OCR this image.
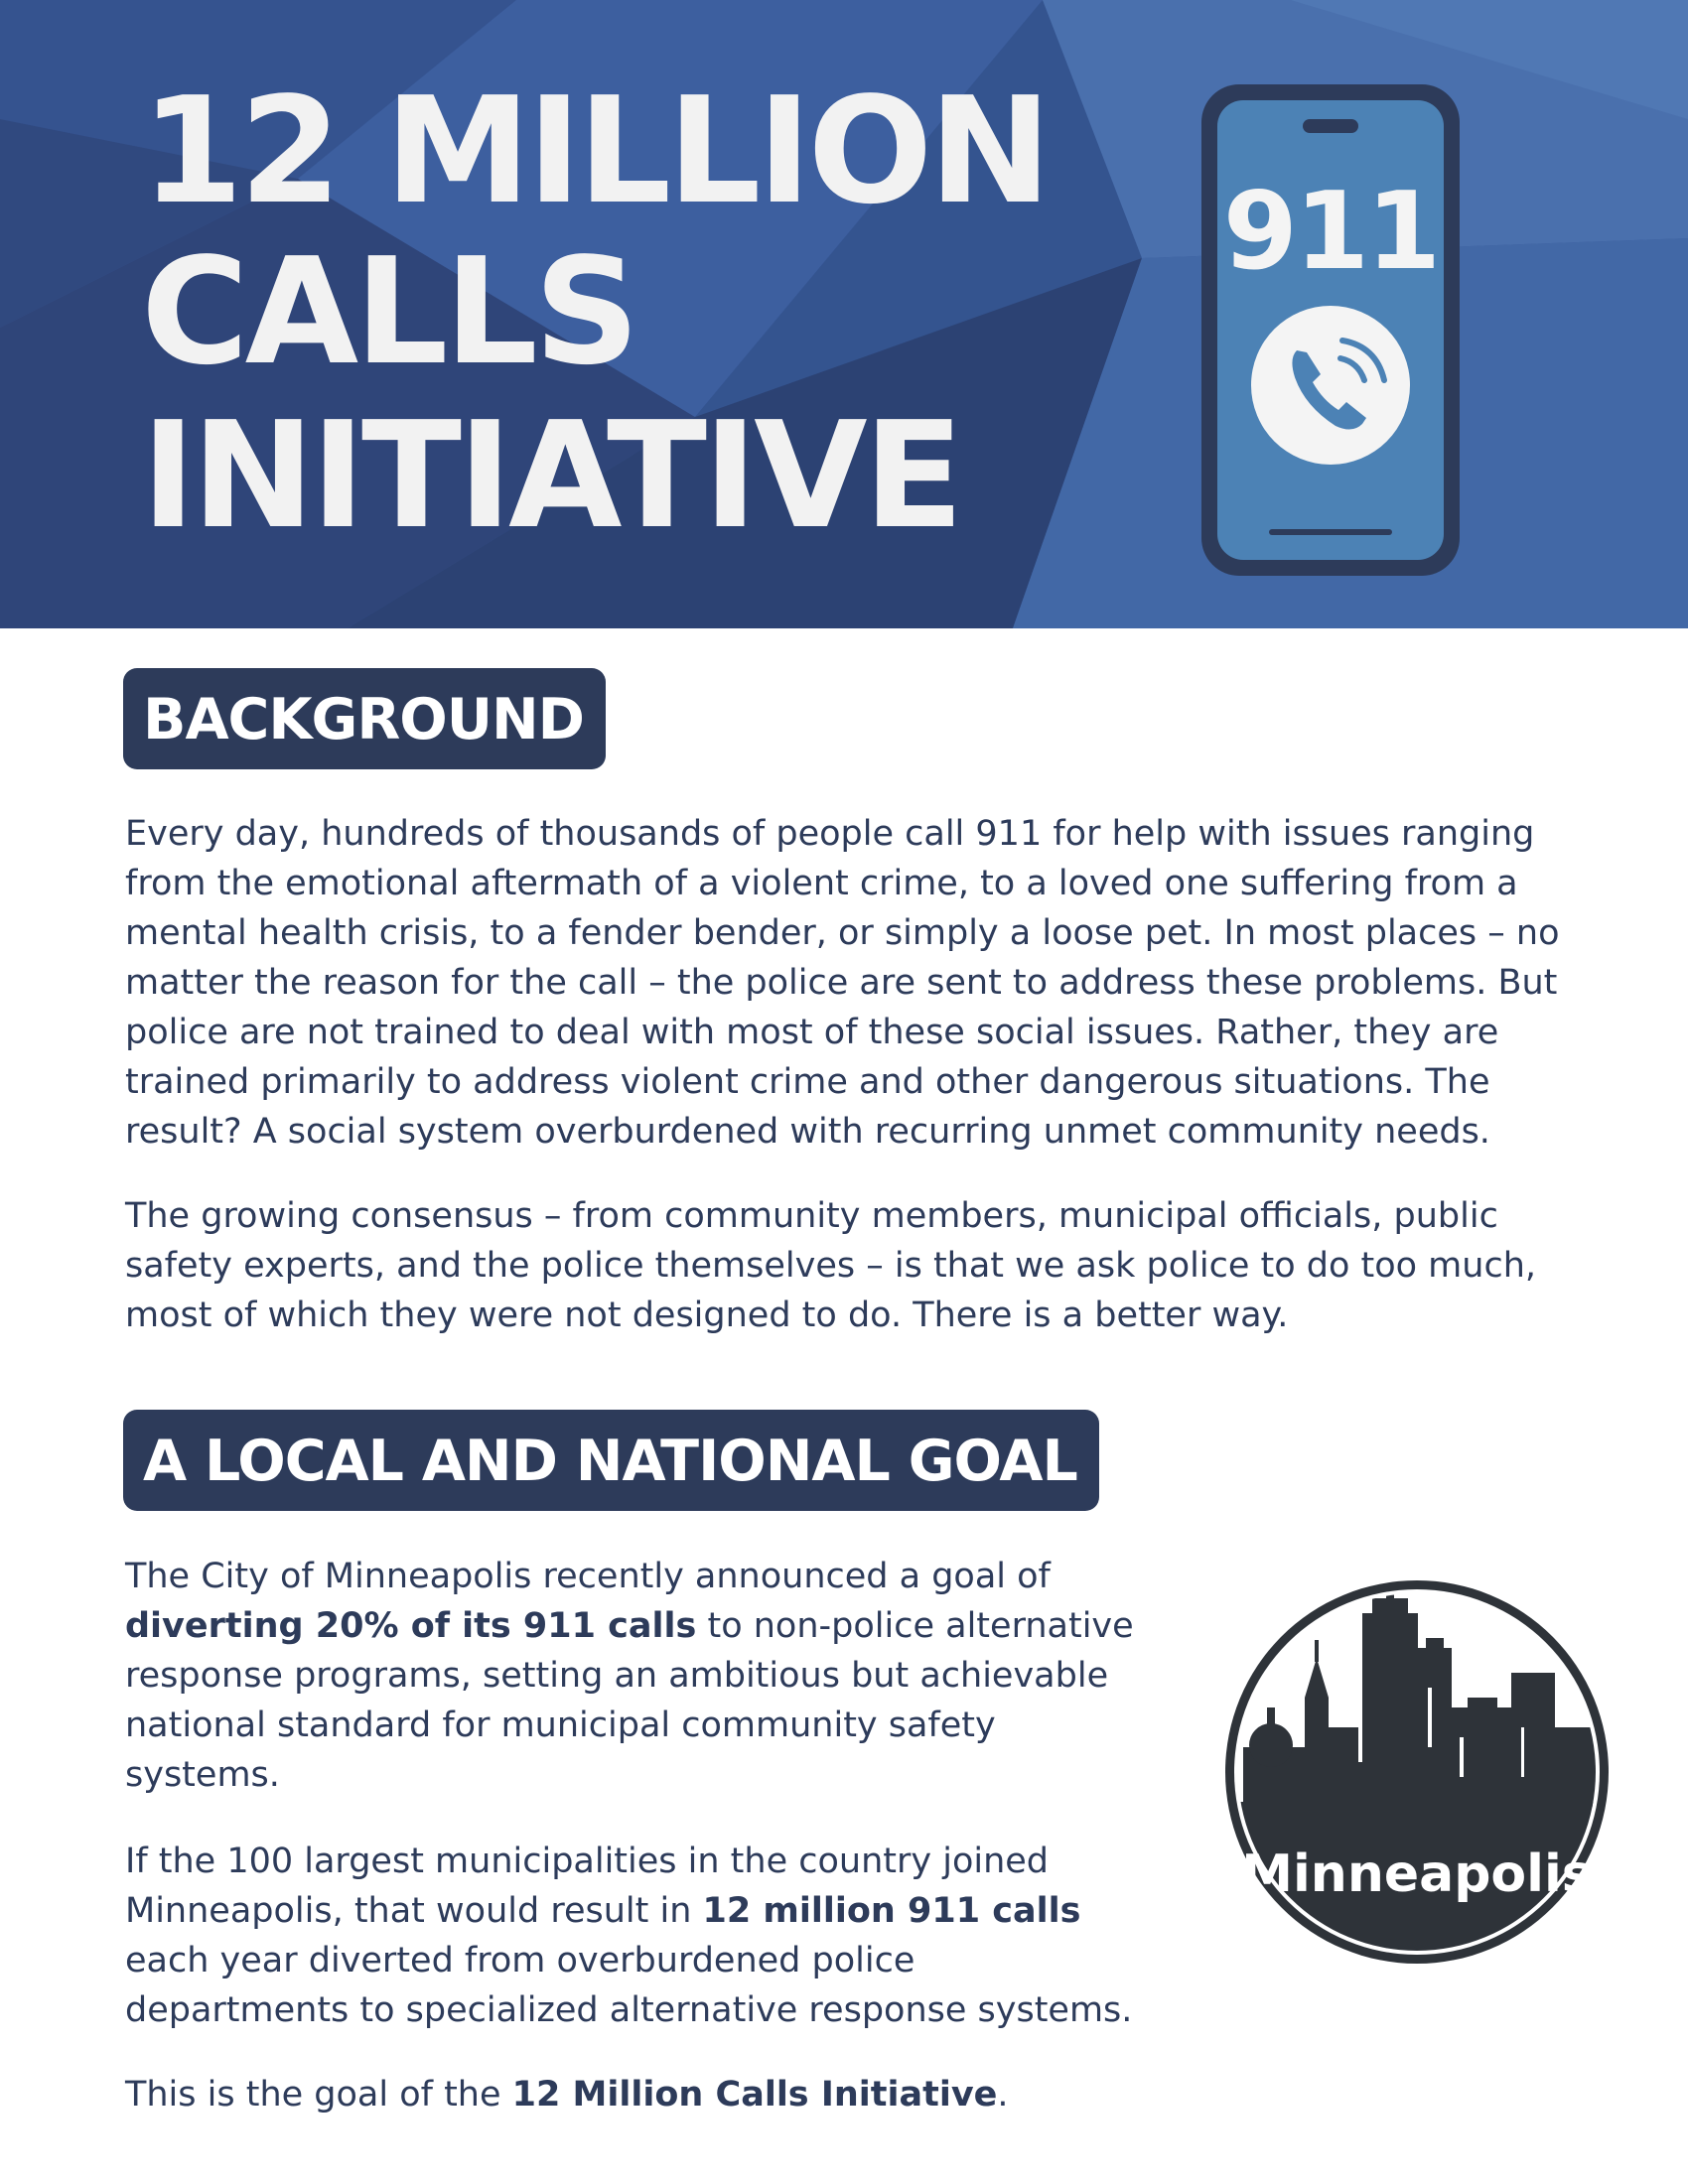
12 MILLION
CALLS
INITIATIVE
911
BACKGROUND

Every day, hundreds of thousands of people call 911 for help with issues ranging from the emotional aftermath of a violent crime, to a loved one suffering from a mental health crisis, to a fender bender, or simply a loose pet. In most places – no matter the reason for the call – the police are sent to address these problems. But police are not trained to deal with most of these social issues. Rather, they are trained primarily to address violent crime and other dangerous situations. The result? A social system overburdened with recurring unmet community needs.

The growing consensus – from community members, municipal officials, public safety experts, and the police themselves – is that we ask police to do too much, most of which they were not designed to do. There is a better way.

A LOCAL AND NATIONAL GOAL

The City of Minneapolis recently announced a goal of diverting 20% of its 911 calls to non-police alternative response programs, setting an ambitious but achievable national standard for municipal community safety systems.

If the 100 largest municipalities in the country joined Minneapolis, that would result in 12 million 911 calls each year diverted from overburdened police departments to specialized alternative response systems.

This is the goal of the 12 Million Calls Initiative.

Minneapolis
